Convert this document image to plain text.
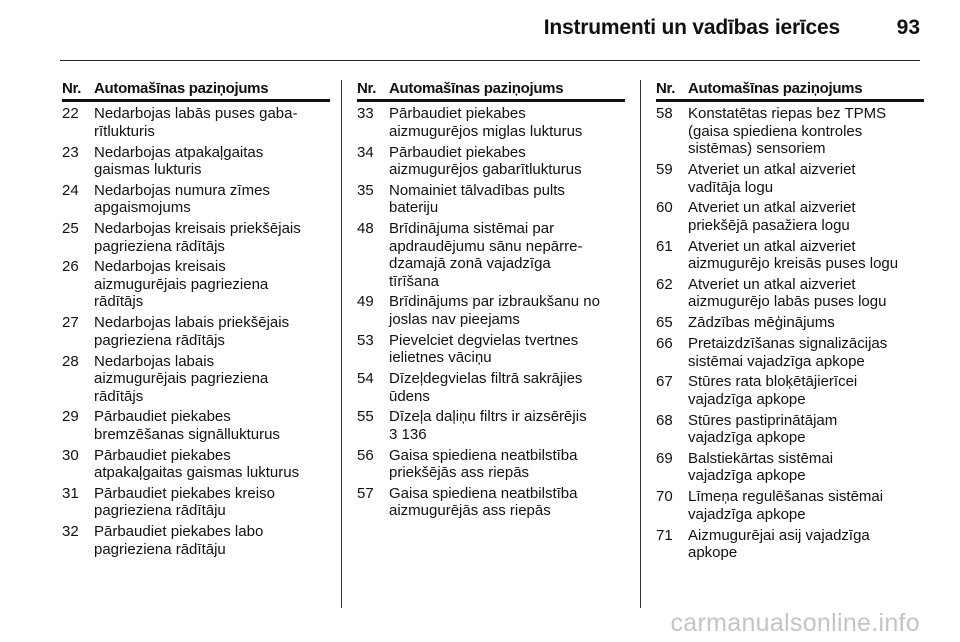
Instrumenti un vadības ierīces	93
Nr. Automašīnas paziņojums
22	Nedarbojas labās puses gaba-
rītlukturis
23	Nedarbojas atpakaļgaitas
gaismas lukturis
24	Nedarbojas numura zīmes
apgaismojums
25	Nedarbojas kreisais priekšējais
pagrieziena rādītājs
26	Nedarbojas kreisais
aizmugurējais pagrieziena
rādītājs
27	Nedarbojas labais priekšējais
pagrieziena rādītājs
28	Nedarbojas labais
aizmugurējais pagrieziena
rādītājs
29	Pārbaudiet piekabes
bremzēšanas signāllukturus
30	Pārbaudiet piekabes
atpakaļgaitas gaismas lukturus
31	Pārbaudiet piekabes kreiso
pagrieziena rādītāju
32	Pārbaudiet piekabes labo
pagrieziena rādītāju
Nr. Automašīnas paziņojums
33	Pārbaudiet piekabes
aizmugurējos miglas lukturus
34	Pārbaudiet piekabes
aizmugurējos gabarītlukturus
35	Nomainiet tālvadības pults
bateriju
48	Brīdinājuma sistēmai par
apdraudējumu sānu nepārre-
dzamajā zonā vajadzīga
tīrīšana
49	Brīdinājums par izbraukšanu no
joslas nav pieejams
53	Pievelciet degvielas tvertnes
ielietnes vāciņu
54	Dīzeļdegvielas filtrā sakrājies
ūdens
55	Dīzeļa daļiņu filtrs ir aizsērējis
3 136
56	Gaisa spiediena neatbilstība
priekšējās ass riepās
57	Gaisa spiediena neatbilstība
aizmugurējās ass riepās
Nr. Automašīnas paziņojums
58	Konstatētas riepas bez TPMS
(gaisa spiediena kontroles
sistēmas) sensoriem
59	Atveriet un atkal aizveriet
vadītāja logu
60	Atveriet un atkal aizveriet
priekšējā pasažiera logu
61	Atveriet un atkal aizveriet
aizmugurējo kreisās puses logu
62	Atveriet un atkal aizveriet
aizmugurējo labās puses logu
65	Zādzības mēģinājums
66	Pretaizdzīšanas signalizācijas
sistēmai vajadzīga apkope
67	Stūres rata bloķētājierīcei
vajadzīga apkope
68	Stūres pastiprinātājam
vajadzīga apkope
69	Balstiekārtas sistēmai
vajadzīga apkope
70	Līmeņa regulēšanas sistēmai
vajadzīga apkope
71	Aizmugurējai asij vajadzīga
apkope
carmanualsonline.info
